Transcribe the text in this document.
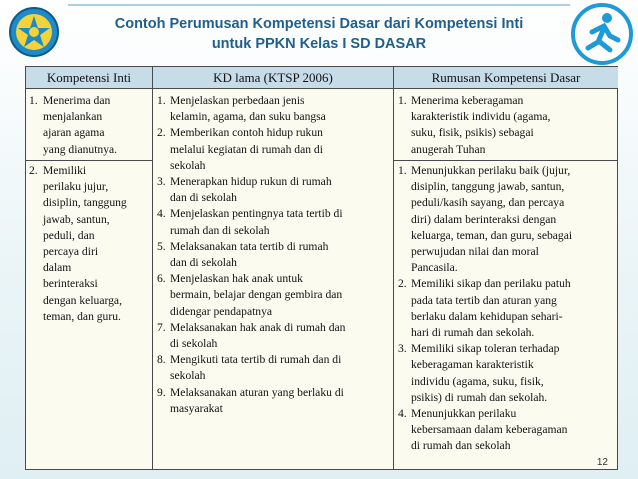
Contoh Perumusan Kompetensi Dasar dari Kompetensi Inti
untuk PPKN Kelas I SD DASAR
Kompetensi Inti	KD lama (KTSP 2006)	Rumusan Kompetensi Dasar
1. Menerima dan
menjalankan
ajaran agama
yang dianutnya.
2. Memiliki
perilaku jujur,
disiplin, tanggung
jawab, santun,
peduli, dan
percaya diri
dalam
berinteraksi
dengan keluarga,
teman, dan guru.
1. Menjelaskan perbedaan jenis
kelamin, agama, dan suku bangsa
2. Memberikan contoh hidup rukun
melalui kegiatan di rumah dan di
sekolah
3. Menerapkan hidup rukun di rumah
dan di sekolah
4. Menjelaskan pentingnya tata tertib di
rumah dan di sekolah
5. Melaksanakan tata tertib di rumah
dan di sekolah
6. Menjelaskan hak anak untuk
bermain, belajar dengan gembira dan
didengar pendapatnya
7. Melaksanakan hak anak di rumah dan
di sekolah
8. Mengikuti tata tertib di rumah dan di
sekolah
9. Melaksanakan aturan yang berlaku di
masyarakat
1. Menerima keberagaman
karakteristik individu (agama,
suku, fisik, psikis) sebagai
anugerah Tuhan
1. Menunjukkan perilaku baik (jujur,
disiplin, tanggung jawab, santun,
peduli/kasih sayang, dan percaya
diri) dalam berinteraksi dengan
keluarga, teman, dan guru, sebagai
perwujudan nilai dan moral
Pancasila.
2. Memiliki sikap dan perilaku patuh
pada tata tertib dan aturan yang
berlaku dalam kehidupan sehari-
hari di rumah dan sekolah.
3. Memiliki sikap toleran terhadap
keberagaman karakteristik
individu (agama, suku, fisik,
psikis) di rumah dan sekolah.
4. Menunjukkan perilaku
kebersamaan dalam keberagaman
di rumah dan sekolah
12
